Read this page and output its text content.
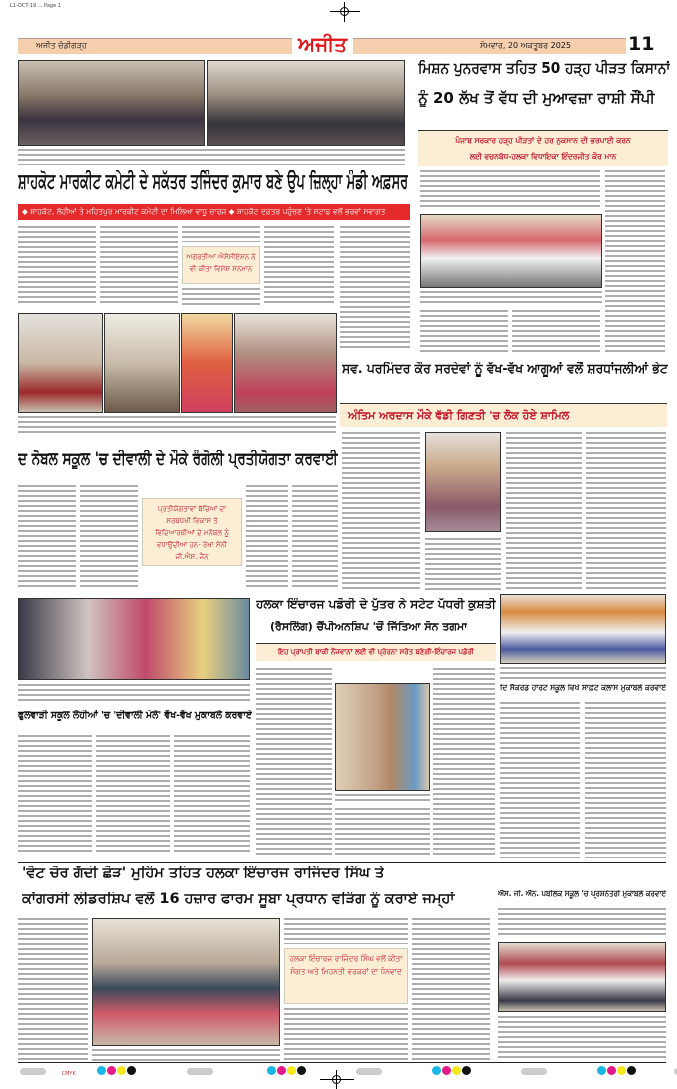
L1-OCT-19 ... Page 1
ਅਜੀਤ ਚੰਡੀਗੜ੍ਹ	ਅਜੀਤ	ਸੋਮਵਾਰ, 20 ਅਕਤੂਬਰ 2025	11
ਸ਼ਾਹਕੋਟ ਮਾਰਕੀਟ ਕਮੇਟੀ ਦੇ ਸਕੱਤਰ ਤਜਿੰਦਰ ਕੁਮਾਰ ਬਣੇ ਉਪ ਜ਼ਿਲ੍ਹਾ ਮੰਡੀ ਅਫ਼ਸਰ
◆ ਸ਼ਾਹਕੋਟ, ਲੋਹੀਆਂ ਤੇ ਮਹਿਤਪੁਰ ਮਾਰਕੀਟ ਕਮੇਟੀ ਦਾ ਮਿਲਿਆ ਵਾਧੂ ਚਾਰਜ ◆ ਸ਼ਾਹਕੋਟ ਦਫ਼ਤਰ ਪਹੁੰਚਣ 'ਤੇ ਸਟਾਫ਼ ਵਲੋਂ ਭਰਵਾਂ ਸਵਾਗਤ
ਅਗਰਤੀਆ ਐਸੋਸੀਏਸ਼ਨ ਨੇ ਵੀ ਕੀਤਾ ਵਿਸ਼ੇਸ਼ ਸਨਮਾਨ
ਦ ਨੋਬਲ ਸਕੂਲ 'ਚ ਦੀਵਾਲੀ ਦੇ ਮੌਕੇ ਰੰਗੋਲੀ ਪ੍ਰਤੀਯੋਗਤਾ ਕਰਵਾਈ
ਪ੍ਰਤੀਯੋਗਤਾਵਾਂ ਬੱਚਿਆਂ ਦਾ ਸਰਬਪੱਖੀ ਵਿਕਾਸ ਤੇ ਵਿਦਿਆਰਥੀਆਂ ਦੇ ਮਨੋਬਲ ਨੂੰ ਵਧਾਉਂਦੀਆਂ ਹਨ- ਰੇਖਾ ਸੋਨੀ ਜੀ.ਐਸ. ਜੈਨ
ਮਿਸ਼ਨ ਪੁਨਰਵਾਸ ਤਹਿਤ 50 ਹੜ੍ਹ ਪੀੜਤ ਕਿਸਾਨਾਂ
ਨੂੰ 20 ਲੱਖ ਤੋਂ ਵੱਧ ਦੀ ਮੁਆਵਜ਼ਾ ਰਾਸ਼ੀ ਸੌਂਪੀ
ਪੰਜਾਬ ਸਰਕਾਰ ਹੜ੍ਹ ਪੀੜਤਾਂ ਦੇ ਹਰ ਨੁਕਸਾਨ ਦੀ ਭਰਪਾਈ ਕਰਨ
ਲਈ ਵਚਨਬੱਧ-ਹਲਕਾ ਵਿਧਾਇਕਾ ਇੰਦਰਜੀਤ ਕੌਰ ਮਾਨ
ਸਵ. ਪਰਮਿੰਦਰ ਕੌਰ ਸਰਦੇਵਾਂ ਨੂੰ ਵੱਖ-ਵੱਖ ਆਗੂਆਂ ਵਲੋਂ ਸ਼ਰਧਾਂਜਲੀਆਂ ਭੇਟ
ਅੰਤਿਮ ਅਰਦਾਸ ਮੌਕੇ ਵੱਡੀ ਗਿਣਤੀ 'ਚ ਲੋਕ ਹੋਏ ਸ਼ਾਮਿਲ
ਫੁਲਵਾੜੀ ਸਕੂਲ ਲੋਹੀਆਂ 'ਚ 'ਦੀਵਾਲੀ ਮੇਲੇ' ਵੱਖ-ਵੱਖ ਮੁਕਾਬਲੇ ਕਰਵਾਏ
ਹਲਕਾ ਇੰਚਾਰਜ ਪਡੋਰੀ ਦੇ ਪੁੱਤਰ ਨੇ ਸਟੇਟ ਪੱਧਰੀ ਕੁਸ਼ਤੀ
(ਰੈਸਲਿੰਗ) ਚੈਂਪੀਅਨਸ਼ਿਪ 'ਚੋਂ ਜਿੱਤਿਆ ਸੋਨ ਤਗਮਾ
ਇਹ ਪ੍ਰਾਪਤੀ ਬਾਕੀ ਨੌਜਵਾਨਾਂ ਲਈ ਵੀ ਪ੍ਰੇਰਨਾ ਸਰੋਤ ਬਣੇਗੀ-ਇੰਚਾਰਜ ਪਡੋਰੀ
ਦਿ ਸੈਕਰਡ ਹਾਰਟ ਸਕੂਲ ਵਿਖੇ ਸਾਫ਼ਟ ਕਲਾਸ ਮੁਕਾਬਲੇ ਕਰਵਾਏ
'ਵੋਟ ਚੋਰ ਗੱਦੀ ਛੋੜ' ਮੁਹਿੰਮ ਤਹਿਤ ਹਲਕਾ ਇੰਚਾਰਜ ਰਾਜਿੰਦਰ ਸਿੰਘ ਤੇ
ਕਾਂਗਰਸੀ ਲੀਡਰਸ਼ਿਪ ਵਲੋਂ 16 ਹਜ਼ਾਰ ਫਾਰਮ ਸੂਬਾ ਪ੍ਰਧਾਨ ਵੜਿੰਗ ਨੂੰ ਕਰਾਏ ਜਮ੍ਹਾਂ
ਹਲਕਾ ਇੰਚਾਰਜ ਰਾਜਿੰਦਰ ਸਿੰਘ ਵਲੋਂ ਕੀਤਾ ਸੰਗਤ ਅਤੇ ਮਿਹਨਤੀ ਵਰਕਰਾਂ ਦਾ ਧੰਨਵਾਦ
ਐੱਸ. ਜੀ. ਐੱਨ. ਪਬਲਿਕ ਸਕੂਲ 'ਚ ਪ੍ਰਸ਼ਨੋਤਰੀ ਮੁਕਾਬਲੇ ਕਰਵਾਏ
CMYK
